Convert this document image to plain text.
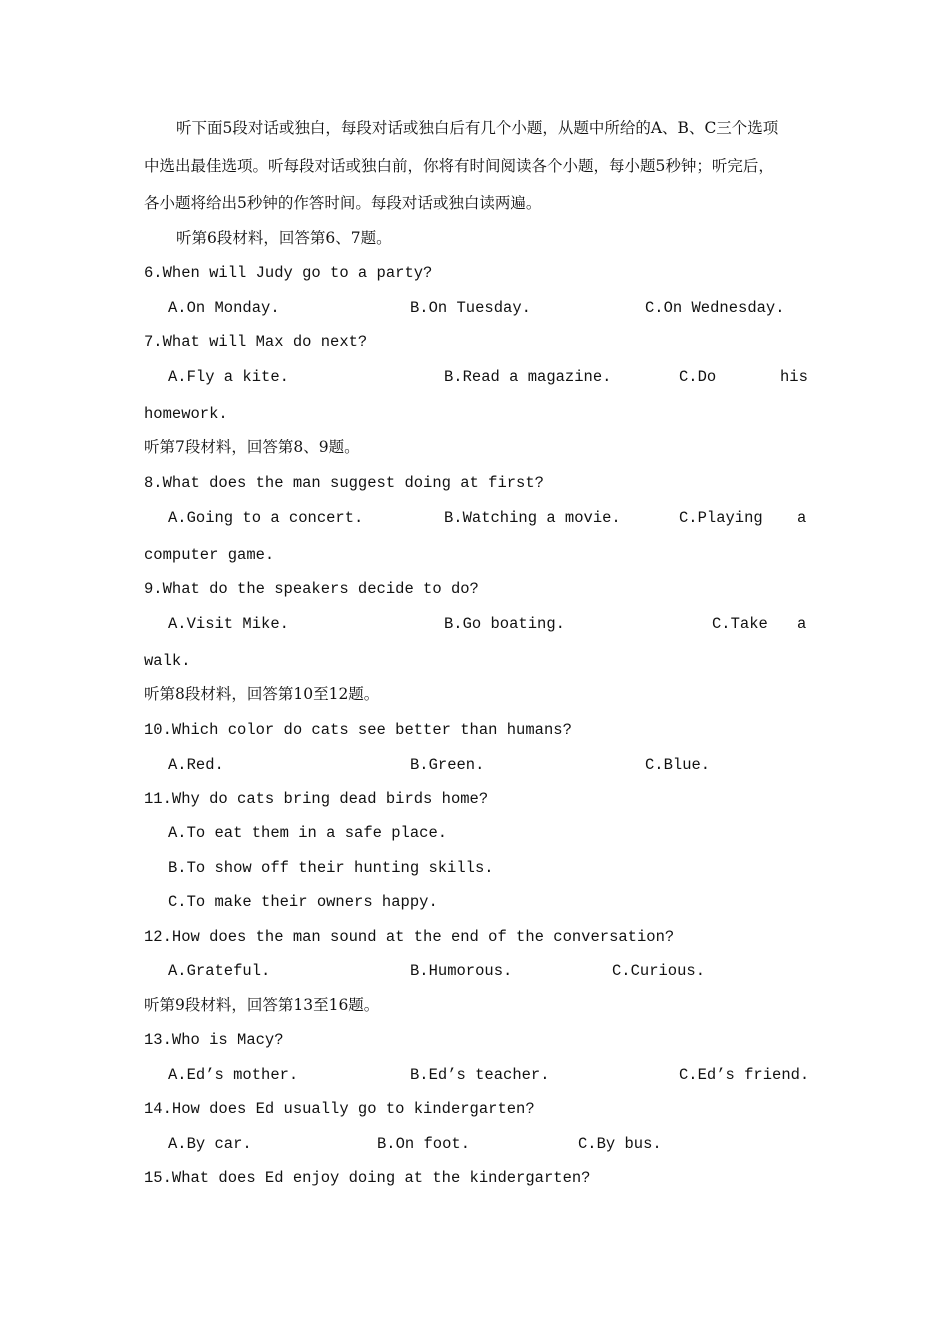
听下面5段对话或独白，每段对话或独白后有几个小题，从题中所给的A、B、C三个选项
中选出最佳选项。听每段对话或独白前，你将有时间阅读各个小题，每小题5秒钟；听完后，
各小题将给出5秒钟的作答时间。每段对话或独白读两遍。
听第6段材料，回答第6、7题。
6.When will Judy go to a party?
A.On Monday.	B.On Tuesday.	C.On Wednesday.
7.What will Max do next?
A.Fly a kite.	B.Read a magazine.	C.Do	his
homework.
听第7段材料，回答第8、9题。
8.What does the man suggest doing at first?
A.Going to a concert.	B.Watching a movie.	C.Playing a
computer game.
9.What do the speakers decide to do?
A.Visit Mike.	B.Go boating.	C.Take a
walk.
听第8段材料，回答第10至12题。
10.Which color do cats see better than humans?
A.Red.	B.Green.	C.Blue.
11.Why do cats bring dead birds home?
A.To eat them in a safe place.
B.To show off their hunting skills.
C.To make their owners happy.
12.How does the man sound at the end of the conversation?
A.Grateful.	B.Humorous.	C.Curious.
听第9段材料，回答第13至16题。
13.Who is Macy?
A.Ed’s mother.	B.Ed’s teacher.	C.Ed’s friend.
14.How does Ed usually go to kindergarten?
A.By car.	B.On foot.	C.By bus.
15.What does Ed enjoy doing at the kindergarten?
